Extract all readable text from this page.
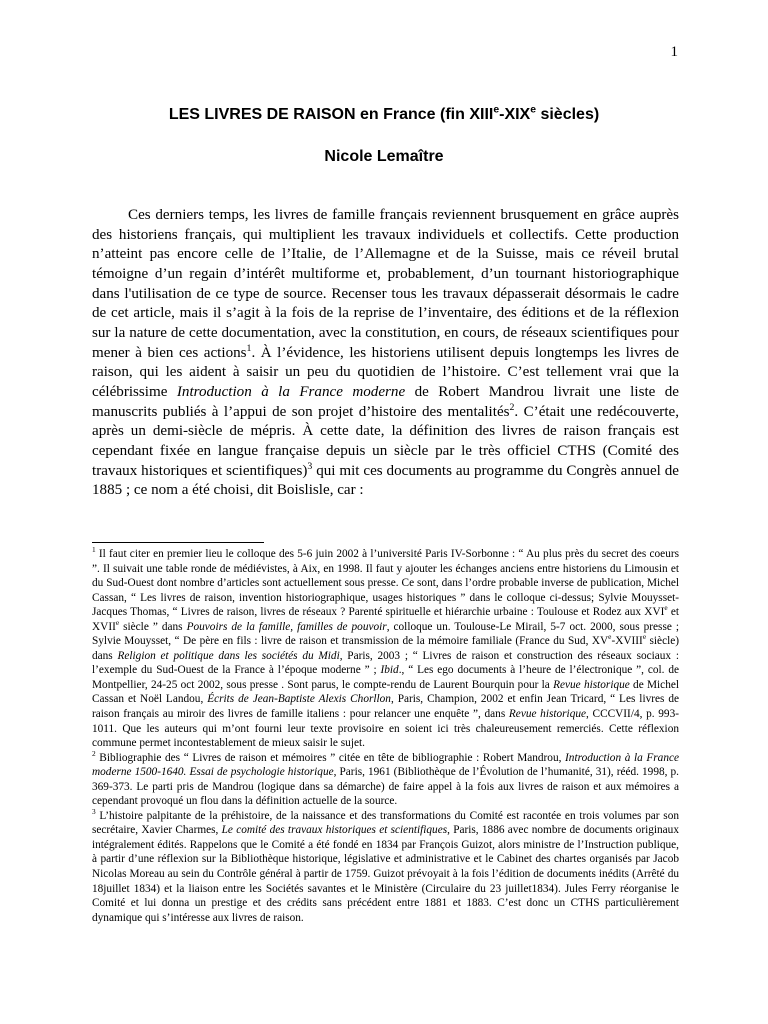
1
LES LIVRES DE RAISON en France (fin XIIIe-XIXe siècles)
Nicole Lemaître

Ces derniers temps, les livres de famille français reviennent brusquement en grâce auprès des historiens français, qui multiplient les travaux individuels et collectifs. Cette production n’atteint pas encore celle de l’Italie, de l’Allemagne et de la Suisse, mais ce réveil brutal témoigne d’un regain d’intérêt multiforme et, probablement, d’un tournant historiographique dans l'utilisation de ce type de source. Recenser tous les travaux dépasserait désormais le cadre de cet article, mais il s’agit à la fois de la reprise de l’inventaire, des éditions et de la réflexion sur la nature de cette documentation, avec la constitution, en cours, de réseaux scientifiques pour mener à bien ces actions$^1$. À l’évidence, les historiens utilisent depuis longtemps les livres de raison, qui les aident à saisir un peu du quotidien de l’histoire. C’est tellement vrai que la célébrissime Introduction à la France moderne de Robert Mandrou livrait une liste de manuscrits publiés à l’appui de son projet d’histoire des mentalités$^2$. C’était une redécouverte, après un demi-siècle de mépris. À cette date, la définition des livres de raison français est cependant fixée en langue française depuis un siècle par le très officiel CTHS (Comité des travaux historiques et scientifiques)$^3$ qui mit ces documents au programme du Congrès annuel de 1885 ; ce nom a été choisi, dit Boislisle, car :

$^1$ Il faut citer en premier lieu le colloque des 5-6 juin 2002 à l’université Paris IV-Sorbonne : “ Au plus près du secret des coeurs ”. Il suivait une table ronde de médiévistes, à Aix, en 1998. Il faut y ajouter les échanges anciens entre historiens du Limousin et du Sud-Ouest dont nombre d’articles sont actuellement sous presse. Ce sont, dans l’ordre probable inverse de publication, Michel Cassan, “ Les livres de raison, invention historiographique, usages historiques ” dans le colloque ci-dessus; Sylvie Mouysset-Jacques Thomas, “ Livres de raison, livres de réseaux ? Parenté spirituelle et hiérarchie urbaine : Toulouse et Rodez aux XVIe et XVIIe siècle ” dans Pouvoirs de la famille, familles de pouvoir, colloque un. Toulouse-Le Mirail, 5-7 oct. 2000, sous presse ; Sylvie Mouysset, “ De père en fils : livre de raison et transmission de la mémoire familiale (France du Sud, XVe-XVIIIe siècle) dans Religion et politique dans les sociétés du Midi, Paris, 2003 ; “ Livres de raison et construction des réseaux sociaux : l’exemple du Sud-Ouest de la France à l’époque moderne ” ; Ibid., “ Les ego documents à l’heure de l’électronique ”, col. de Montpellier, 24-25 oct 2002, sous presse . Sont parus, le compte-rendu de Laurent Bourquin pour la Revue historique de Michel Cassan et Noël Landou, Écrits de Jean-Baptiste Alexis Chorllon, Paris, Champion, 2002 et enfin Jean Tricard, “ Les livres de raison français au miroir des livres de famille italiens : pour relancer une enquête ”, dans Revue historique, CCCVII/4, p. 993-1011. Que les auteurs qui m’ont fourni leur texte provisoire en soient ici très chaleureusement remerciés. Cette réflexion commune permet incontestablement de mieux saisir le sujet.

$^2$ Bibliographie des “ Livres de raison et mémoires ” citée en tête de bibliographie : Robert Mandrou, Introduction à la France moderne 1500-1640. Essai de psychologie historique, Paris, 1961 (Bibliothèque de l’Évolution de l’humanité, 31), rééd. 1998, p. 369-373. Le parti pris de Mandrou (logique dans sa démarche) de faire appel à la fois aux livres de raison et aux mémoires a cependant provoqué un flou dans la définition actuelle de la source.

$^3$ L’histoire palpitante de la préhistoire, de la naissance et des transformations du Comité est racontée en trois volumes par son secrétaire, Xavier Charmes, Le comité des travaux historiques et scientifiques, Paris, 1886 avec nombre de documents originaux intégralement édités. Rappelons que le Comité a été fondé en 1834 par François Guizot, alors ministre de l’Instruction publique, à partir d’une réflexion sur la Bibliothèque historique, législative et administrative et le Cabinet des chartes organisés par Jacob Nicolas Moreau au sein du Contrôle général à partir de 1759. Guizot prévoyait à la fois l’édition de documents inédits (Arrêté du 18juillet 1834) et la liaison entre les Sociétés savantes et le Ministère (Circulaire du 23 juillet1834). Jules Ferry réorganise le Comité et lui donna un prestige et des crédits sans précédent entre 1881 et 1883. C’est donc un CTHS particulièrement dynamique qui s’intéresse aux livres de raison.
